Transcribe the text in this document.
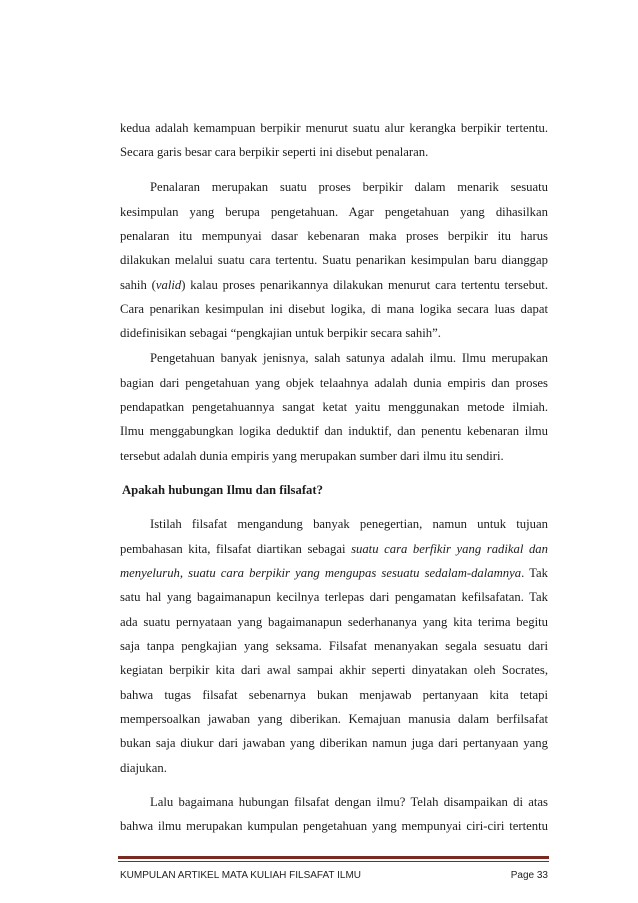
kedua adalah kemampuan berpikir menurut suatu alur kerangka berpikir tertentu.
Secara garis besar cara berpikir seperti ini disebut penalaran.
Penalaran merupakan suatu proses berpikir dalam menarik sesuatu
kesimpulan yang berupa pengetahuan. Agar pengetahuan yang dihasilkan
penalaran itu mempunyai dasar kebenaran maka proses berpikir itu harus
dilakukan melalui suatu cara tertentu. Suatu penarikan kesimpulan baru dianggap
sahih (valid) kalau proses penarikannya dilakukan menurut cara tertentu tersebut.
Cara penarikan kesimpulan ini disebut logika, di mana logika secara luas dapat
didefinisikan sebagai “pengkajian untuk berpikir secara sahih”.
Pengetahuan banyak jenisnya, salah satunya adalah ilmu. Ilmu merupakan
bagian dari pengetahuan yang objek telaahnya adalah dunia empiris dan proses
pendapatkan pengetahuannya sangat ketat yaitu menggunakan metode ilmiah.
Ilmu menggabungkan logika deduktif dan induktif, dan penentu kebenaran ilmu
tersebut adalah dunia empiris yang merupakan sumber dari ilmu itu sendiri.
Apakah hubungan Ilmu dan filsafat?
Istilah filsafat mengandung banyak penegertian, namun untuk tujuan
pembahasan kita, filsafat diartikan sebagai suatu cara berfikir yang radikal dan
menyeluruh, suatu cara berpikir yang mengupas sesuatu sedalam-dalamnya. Tak
satu hal yang bagaimanapun kecilnya terlepas dari pengamatan kefilsafatan. Tak
ada suatu pernyataan yang bagaimanapun sederhananya yang kita terima begitu
saja tanpa pengkajian yang seksama. Filsafat menanyakan segala sesuatu dari
kegiatan berpikir kita dari awal sampai akhir seperti dinyatakan oleh Socrates,
bahwa tugas filsafat sebenarnya bukan menjawab pertanyaan kita tetapi
mempersoalkan jawaban yang diberikan. Kemajuan manusia dalam berfilsafat
bukan saja diukur dari jawaban yang diberikan namun juga dari pertanyaan yang
diajukan.
Lalu bagaimana hubungan filsafat dengan ilmu? Telah disampaikan di atas
bahwa ilmu merupakan kumpulan pengetahuan yang mempunyai ciri-ciri tertentu
KUMPULAN ARTIKEL MATA KULIAH FILSAFAT ILMU	Page 33
